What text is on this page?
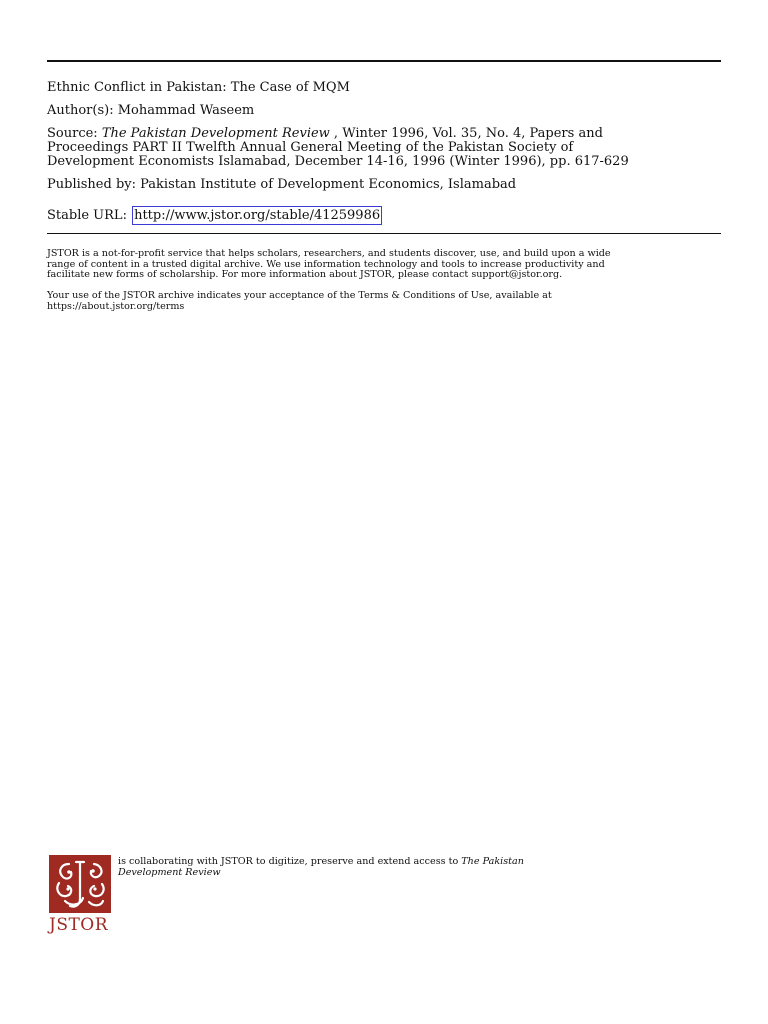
Ethnic Conflict in Pakistan: The Case of MQM
Author(s): Mohammad Waseem
Source: The Pakistan Development Review , Winter 1996, Vol. 35, No. 4, Papers and
Proceedings PART II Twelfth Annual General Meeting of the Pakistan Society of
Development Economists Islamabad, December 14-16, 1996 (Winter 1996), pp. 617-629
Published by: Pakistan Institute of Development Economics, Islamabad
Stable URL: http://www.jstor.org/stable/41259986
JSTOR is a not-for-profit service that helps scholars, researchers, and students discover, use, and build upon a wide
range of content in a trusted digital archive. We use information technology and tools to increase productivity and
facilitate new forms of scholarship. For more information about JSTOR, please contact support@jstor.org.
Your use of the JSTOR archive indicates your acceptance of the Terms & Conditions of Use, available at
https://about.jstor.org/terms
JSTOR
is collaborating with JSTOR to digitize, preserve and extend access to The Pakistan
Development Review
